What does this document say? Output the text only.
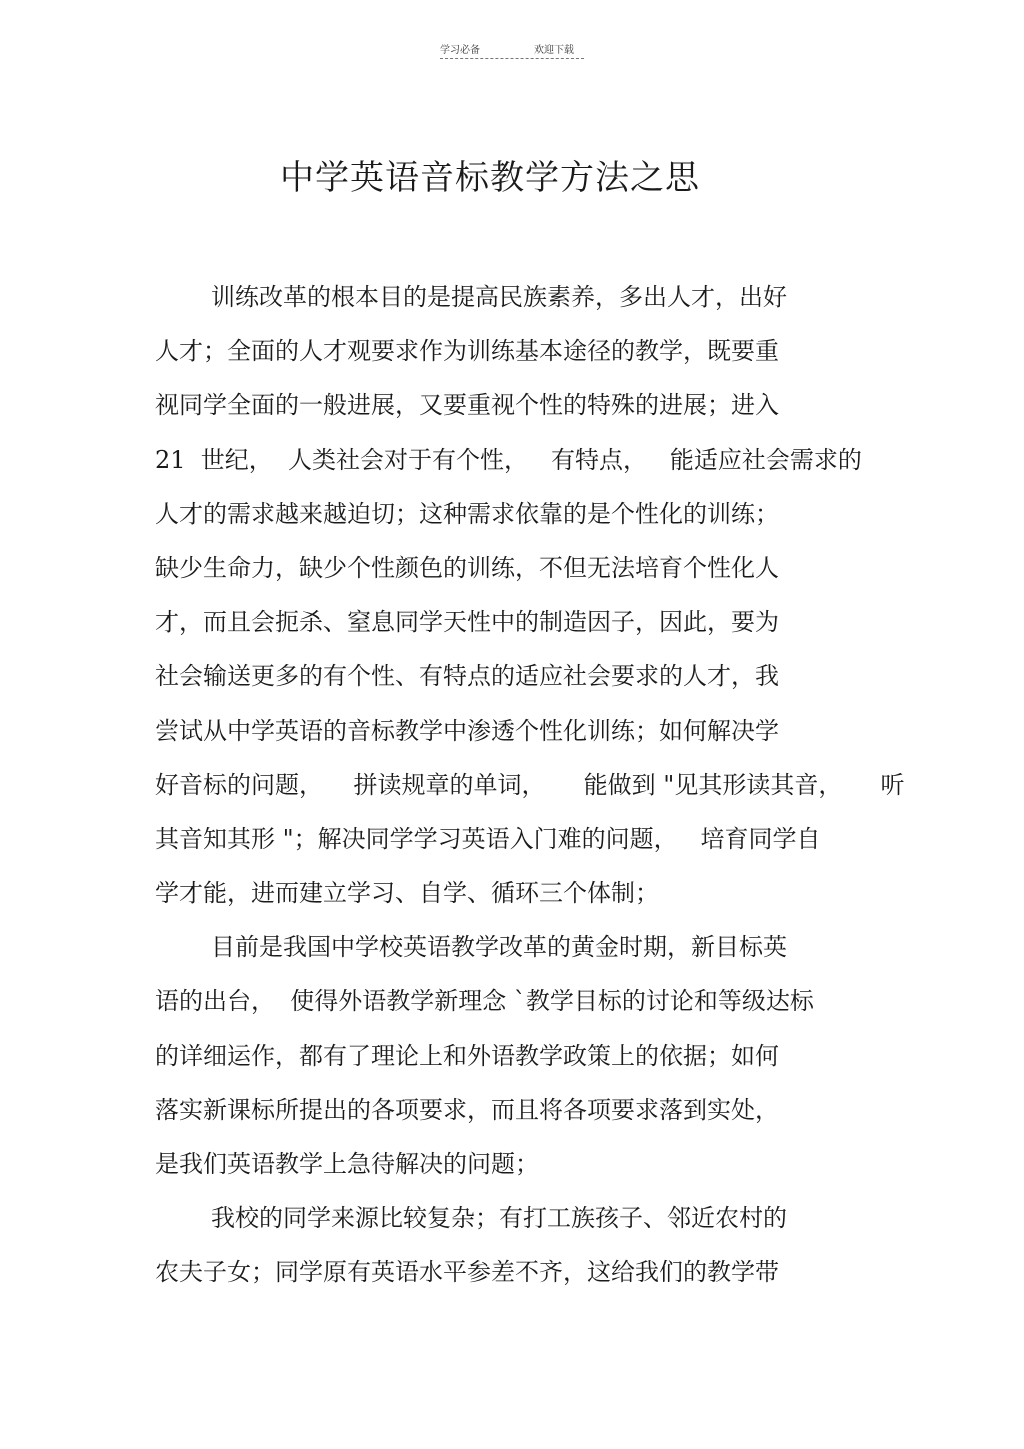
学习必备	欢迎下载
中学英语音标教学方法之思
训练改革的根本目的是提高民族素养，多出人才，出好
人才；全面的人才观要求作为训练基本途径的教学，既要重
视同学全面的一般进展，又要重视个性的特殊的进展；进入
21  世纪，  人类社会对于有个性，   有特点，   能适应社会需求的
人才的需求越来越迫切；这种需求依靠的是个性化的训练；
缺少生命力，缺少个性颜色的训练，不但无法培育个性化人
才，而且会扼杀、窒息同学天性中的制造因子，因此，要为
社会输送更多的有个性、有特点的适应社会要求的人才，我
尝试从中学英语的音标教学中渗透个性化训练；如何解决学
好音标的问题，    拼读规章的单词，     能做到 "见其形读其音，     听
其音知其形 "；解决同学学习英语入门难的问题，   培育同学自
学才能，进而建立学习、自学、循环三个体制；
目前是我国中学校英语教学改革的黄金时期，新目标英
语的出台，  使得外语教学新理念 `教学目标的讨论和等级达标
的详细运作，都有了理论上和外语教学政策上的依据；如何
落实新课标所提出的各项要求，而且将各项要求落到实处，
是我们英语教学上急待解决的问题；
我校的同学来源比较复杂；有打工族孩子、邻近农村的
农夫子女；同学原有英语水平参差不齐，这给我们的教学带
